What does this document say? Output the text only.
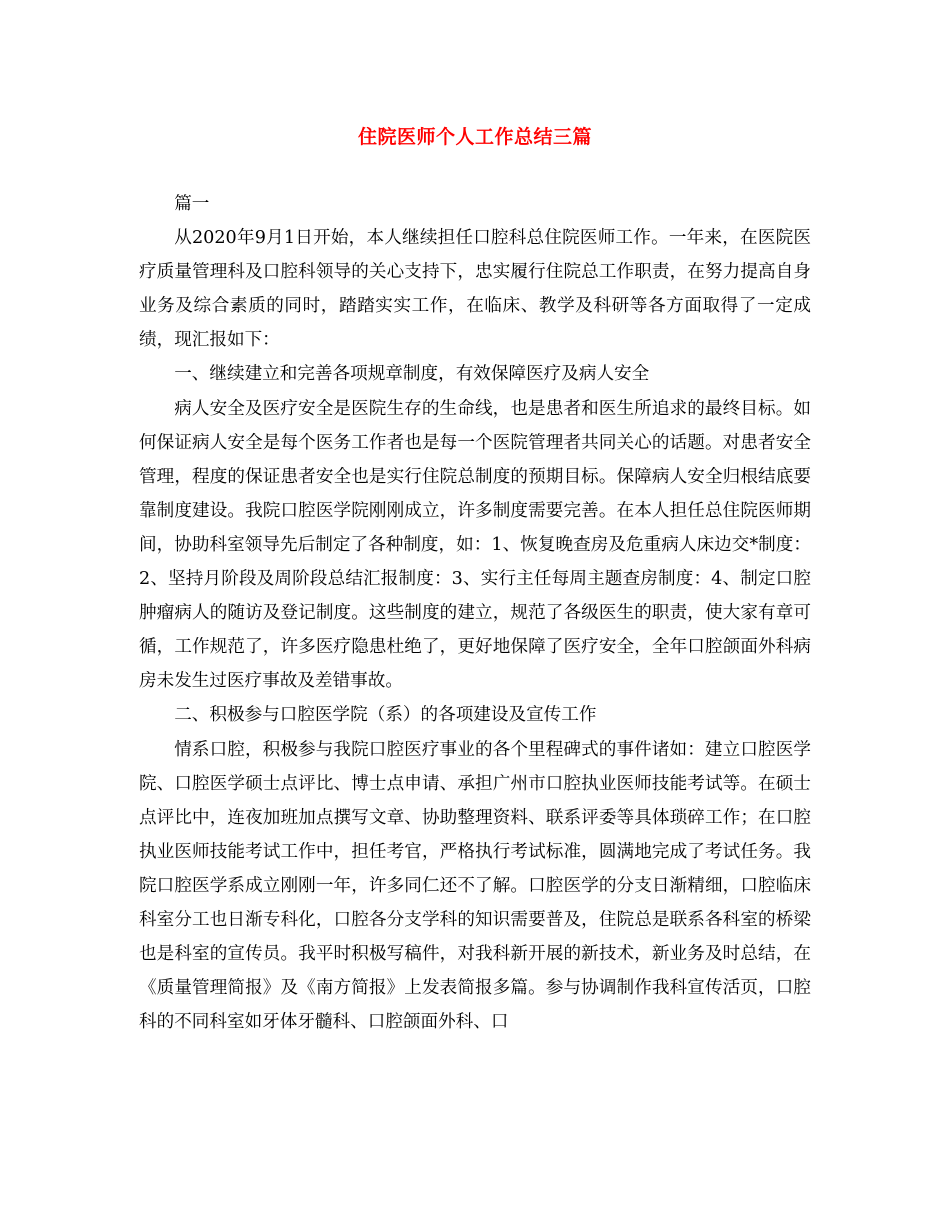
住院医师个人工作总结三篇

篇一

从2020年9月1日开始，本人继续担任口腔科总住院医师工作。一年来，在医院医疗质量管理科及口腔科领导的关心支持下，忠实履行住院总工作职责，在努力提高自身业务及综合素质的同时，踏踏实实工作，在临床、教学及科研等各方面取得了一定成绩，现汇报如下：

一、继续建立和完善各项规章制度，有效保障医疗及病人安全

病人安全及医疗安全是医院生存的生命线，也是患者和医生所追求的最终目标。如何保证病人安全是每个医务工作者也是每一个医院管理者共同关心的话题。对患者安全管理，程度的保证患者安全也是实行住院总制度的预期目标。保障病人安全归根结底要靠制度建设。我院口腔医学院刚刚成立，许多制度需要完善。在本人担任总住院医师期间，协助科室领导先后制定了各种制度，如：1、恢复晚查房及危重病人床边交*制度：2、坚持月阶段及周阶段总结汇报制度：3、实行主任每周主题查房制度：4、制定口腔肿瘤病人的随访及登记制度。这些制度的建立，规范了各级医生的职责，使大家有章可循，工作规范了，许多医疗隐患杜绝了，更好地保障了医疗安全，全年口腔颌面外科病房未发生过医疗事故及差错事故。

二、积极参与口腔医学院（系）的各项建设及宣传工作

情系口腔，积极参与我院口腔医疗事业的各个里程碑式的事件诸如：建立口腔医学院、口腔医学硕士点评比、博士点申请、承担广州市口腔执业医师技能考试等。在硕士点评比中，连夜加班加点撰写文章、协助整理资料、联系评委等具体琐碎工作；在口腔执业医师技能考试工作中，担任考官，严格执行考试标准，圆满地完成了考试任务。我院口腔医学系成立刚刚一年，许多同仁还不了解。口腔医学的分支日渐精细，口腔临床科室分工也日渐专科化，口腔各分支学科的知识需要普及，住院总是联系各科室的桥梁也是科室的宣传员。我平时积极写稿件，对我科新开展的新技术，新业务及时总结，在《质量管理简报》及《南方简报》上发表简报多篇。参与协调制作我科宣传活页，口腔科的不同科室如牙体牙髓科、口腔颌面外科、口
